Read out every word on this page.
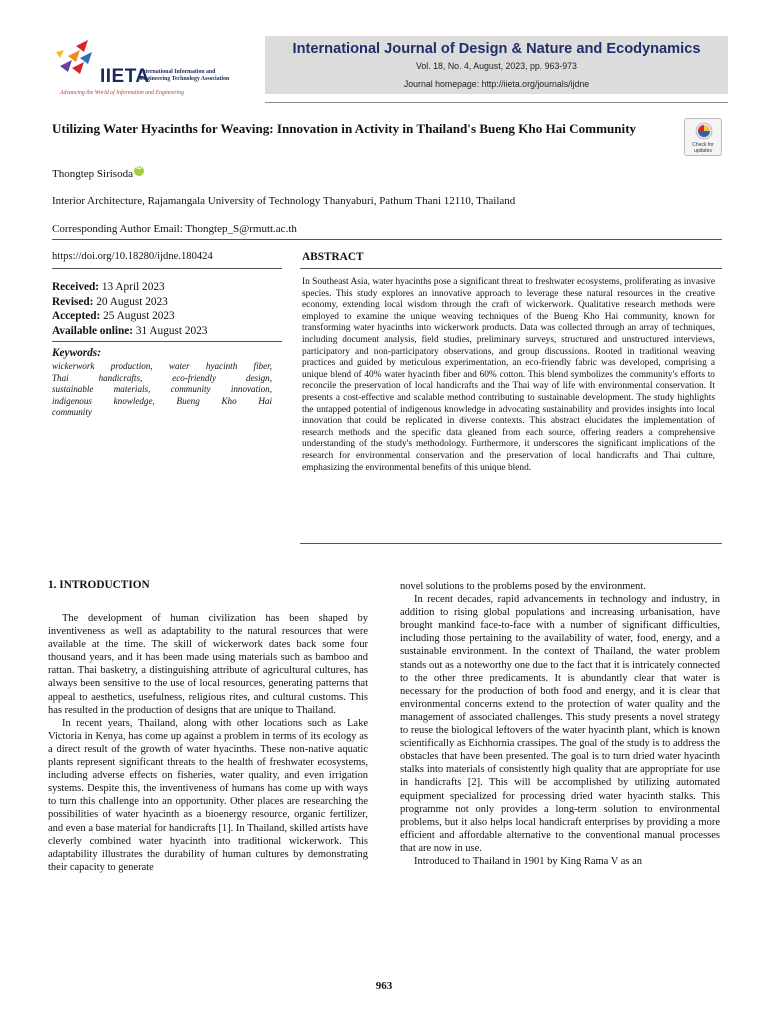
IIETA
International Information and
Engineering Technology Association
Advancing the World of Information and Engineering
International Journal of Design & Nature and Ecodynamics
Vol. 18, No. 4, August, 2023, pp. 963-973
Journal homepage: http://iieta.org/journals/ijdne
Utilizing Water Hyacinths for Weaving: Innovation in Activity in Thailand's Bueng Kho Hai Community
Check for
updates
Thongtep Sirisoda iD
Interior Architecture, Rajamangala University of Technology Thanyaburi, Pathum Thani 12110, Thailand
Corresponding Author Email: Thongtep_S@rmutt.ac.th
https://doi.org/10.18280/ijdne.180424
Received: 13 April 2023
Revised: 20 August 2023
Accepted: 25 August 2023
Available online: 31 August 2023
Keywords:
wickerwork production, water hyacinth fiber,
Thai handicrafts, eco-friendly design,
sustainable materials, community innovation,
indigenous knowledge, Bueng Kho Hai
community
ABSTRACT
In Southeast Asia, water hyacinths pose a significant threat to freshwater ecosystems, proliferating as invasive species. This study explores an innovative approach to leverage these natural resources in the creative economy, extending local wisdom through the craft of wickerwork. Qualitative research methods were employed to examine the unique weaving techniques of the Bueng Kho Hai community, known for transforming water hyacinths into wickerwork products. Data was collected through an array of techniques, including document analysis, field studies, preliminary surveys, structured and unstructured interviews, participatory and non-participatory observations, and group discussions. Rooted in traditional weaving practices and guided by meticulous experimentation, an eco-friendly fabric was developed, comprising a unique blend of 40% water hyacinth fiber and 60% cotton. This blend symbolizes the community's efforts to reconcile the preservation of local handicrafts and the Thai way of life with environmental conservation. It presents a cost-effective and scalable method contributing to sustainable development. The study highlights the untapped potential of indigenous knowledge in advocating sustainability and provides insights into local innovation that could be replicated in diverse contexts. This abstract elucidates the implementation of research methods and the specific data gleaned from each source, offering readers a comprehensive understanding of the study's methodology. Furthermore, it underscores the significant implications of the research for environmental conservation and the preservation of local handicrafts and Thai culture, emphasizing the environmental benefits of this unique blend.
1. INTRODUCTION

The development of human civilization has been shaped by inventiveness as well as adaptability to the natural resources that were available at the time. The skill of wickerwork dates back some four thousand years, and it has been made using materials such as bamboo and rattan. Thai basketry, a distinguishing attribute of agricultural cultures, has always been sensitive to the use of local resources, generating patterns that appeal to aesthetics, usefulness, religious rites, and cultural customs. This has resulted in the production of designs that are unique to Thailand.

In recent years, Thailand, along with other locations such as Lake Victoria in Kenya, has come up against a problem in terms of its ecology as a direct result of the growth of water hyacinths. These non-native aquatic plants represent significant threats to the health of freshwater ecosystems, including adverse effects on fisheries, water quality, and even irrigation systems. Despite this, the inventiveness of humans has come up with ways to turn this challenge into an opportunity. Other places are researching the possibilities of water hyacinth as a bioenergy resource, organic fertilizer, and even a base material for handicrafts [1]. In Thailand, skilled artists have cleverly combined water hyacinth into traditional wickerwork. This adaptability illustrates the durability of human cultures by demonstrating their capacity to generate

novel solutions to the problems posed by the environment.

In recent decades, rapid advancements in technology and industry, in addition to rising global populations and increasing urbanisation, have brought mankind face-to-face with a number of significant difficulties, including those pertaining to the availability of water, food, energy, and a sustainable environment. In the context of Thailand, the water problem stands out as a noteworthy one due to the fact that it is intricately connected to the other three predicaments. It is abundantly clear that water is necessary for the production of both food and energy, and it is clear that environmental concerns extend to the protection of water quality and the management of associated challenges. This study presents a novel strategy to reuse the biological leftovers of the water hyacinth plant, which is known scientifically as Eichhornia crassipes. The goal of the study is to address the obstacles that have been presented. The goal is to turn dried water hyacinth stalks into materials of consistently high quality that are appropriate for use in handicrafts [2]. This will be accomplished by utilizing automated equipment specialized for processing dried water hyacinth stalks. This programme not only provides a long-term solution to environmental problems, but it also helps local handicraft enterprises by providing a more efficient and affordable alternative to the conventional manual processes that are now in use.

Introduced to Thailand in 1901 by King Rama V as an

963
